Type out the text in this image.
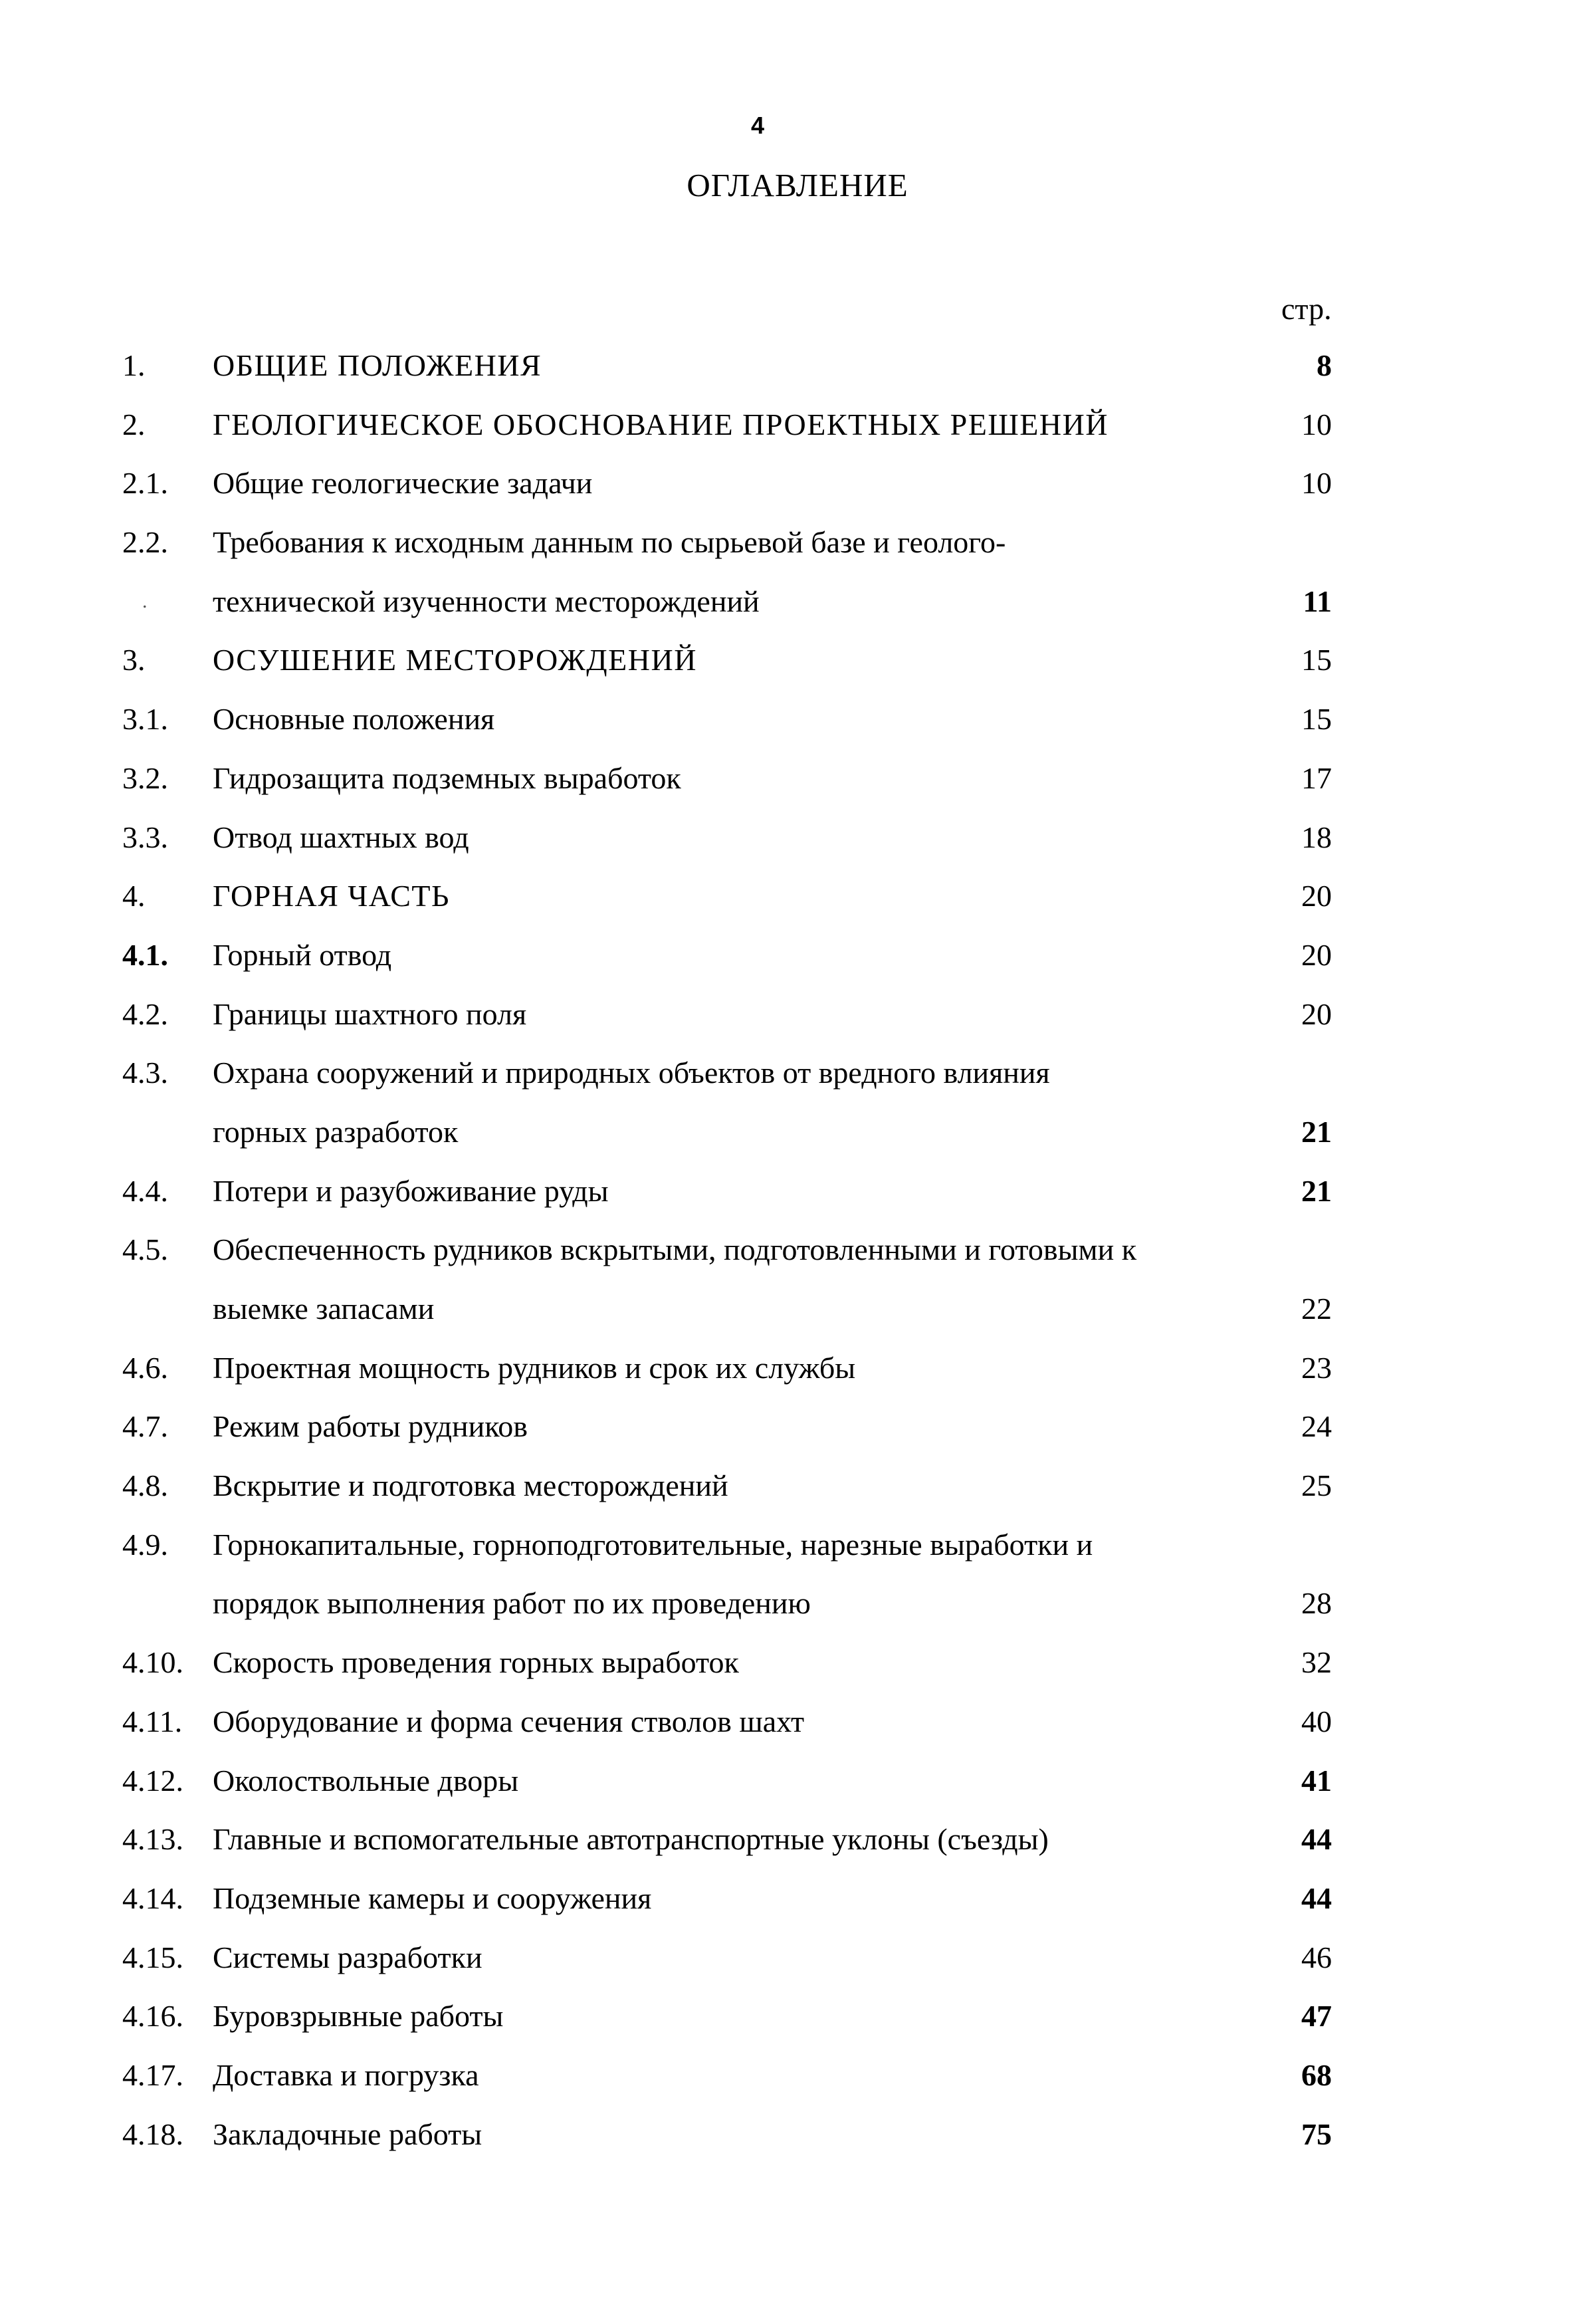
4
ОГЛАВЛЕНИЕ
стр.
1. ОБЩИЕ ПОЛОЖЕНИЯ	8
2. ГЕОЛОГИЧЕСКОЕ ОБОСНОВАНИЕ ПРОЕКТНЫХ РЕШЕНИЙ	10
2.1. Общие геологические задачи	10
2.2. Требования к исходным данным по сырьевой базе и геолого-
. технической изученности месторождений	11
3. ОСУШЕНИЕ МЕСТОРОЖДЕНИЙ	15
3.1. Основные положения	15
3.2. Гидрозащита подземных выработок	17
3.3. Отвод шахтных вод	18
4. ГОРНАЯ ЧАСТЬ	20
4.1. Горный отвод	20
4.2. Границы шахтного поля	20
4.3. Охрана сооружений и природных объектов от вредного влияния
горных разработок	21
4.4. Потери и разубоживание руды	21
4.5. Обеспеченность рудников вскрытыми, подготовленными и готовыми к
выемке запасами	22
4.6. Проектная мощность рудников и срок их службы	23
4.7. Режим работы рудников	24
4.8. Вскрытие и подготовка месторождений	25
4.9. Горнокапитальные, горноподготовительные, нарезные выработки и
порядок выполнения работ по их проведению	28
4.10. Скорость проведения горных выработок	32
4.11. Оборудование и форма сечения стволов шахт	40
4.12. Околоствольные дворы	41
4.13. Главные и вспомогательные автотранспортные уклоны (съезды)	44
4.14. Подземные камеры и сооружения	44
4.15. Системы разработки	46
4.16. Буровзрывные работы	47
4.17. Доставка и погрузка	68
4.18. Закладочные работы	75
